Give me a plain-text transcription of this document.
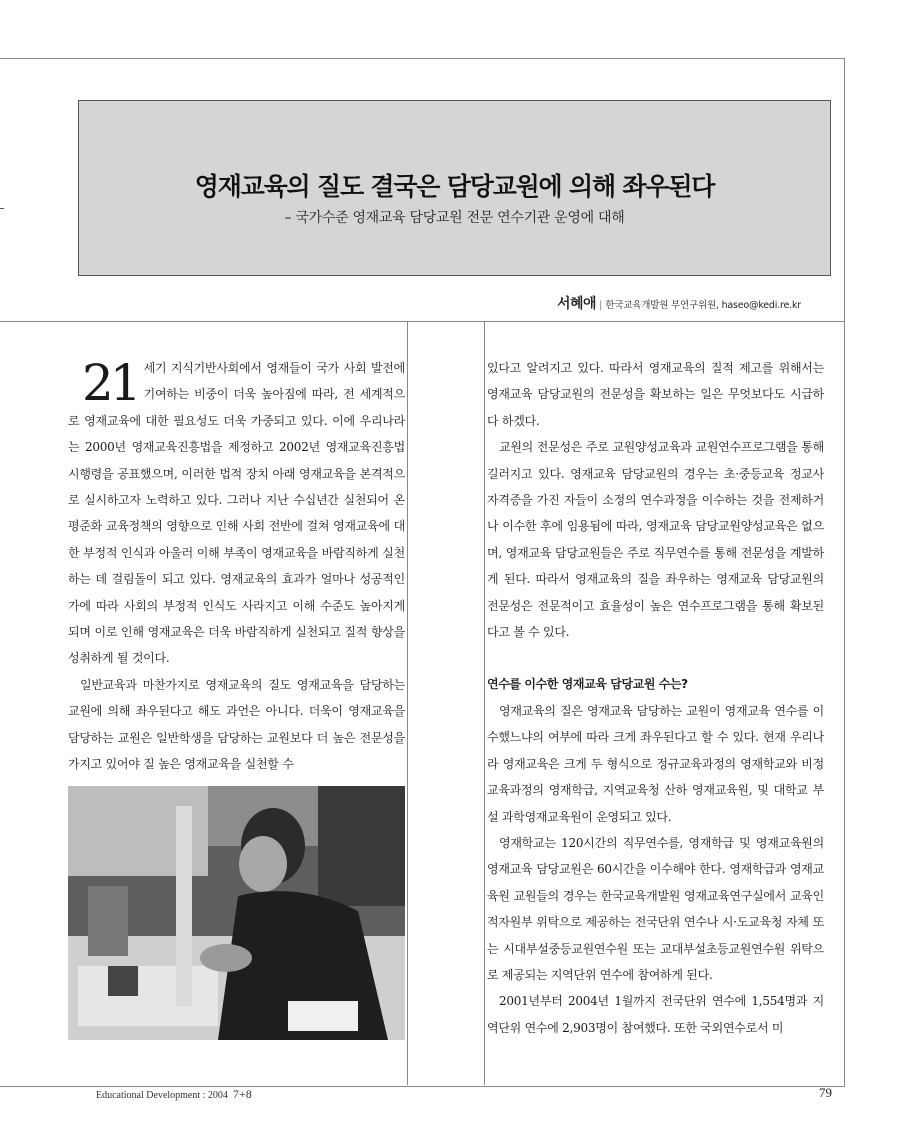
영재교육의 질도 결국은 담당교원에 의해 좌우된다
– 국가수준 영재교육 담당교원 전문 연수기관 운영에 대해
서혜애 | 한국교육개발원 부연구위원, haseo@kedi.re.kr

21 세기 지식기반사회에서 영재들이 국가 사회 발전에 기여하는 비중이 더욱 높아짐에 따라, 전 세계적으로 영재교육에 대한 필요성도 더욱 가중되고 있다. 이에 우리나라는 2000년 영재교육진흥법을 제정하고 2002년 영재교육진흥법시행령을 공표했으며, 이러한 법적 장치 아래 영재교육을 본격적으로 실시하고자 노력하고 있다. 그러나 지난 수십년간 실천되어 온 평준화 교육정책의 영향으로 인해 사회 전반에 걸쳐 영재교육에 대한 부정적 인식과 아울러 이해 부족이 영재교육을 바람직하게 실천하는 데 걸림돌이 되고 있다. 영재교육의 효과가 얼마나 성공적인가에 따라 사회의 부정적 인식도 사라지고 이해 수준도 높아지게 되며 이로 인해 영재교육은 더욱 바람직하게 실천되고 질적 향상을 성취하게 될 것이다.

일반교육과 마찬가지로 영재교육의 질도 영재교육을 담당하는 교원에 의해 좌우된다고 해도 과언은 아니다. 더욱이 영재교육을 담당하는 교원은 일반학생을 담당하는 교원보다 더 높은 전문성을 가지고 있어야 질 높은 영재교육을 실천할 수

있다고 알려지고 있다. 따라서 영재교육의 질적 제고를 위해서는 영재교육 담당교원의 전문성을 확보하는 일은 무엇보다도 시급하다 하겠다.

교원의 전문성은 주로 교원양성교육과 교원연수프로그램을 통해 길러지고 있다. 영재교육 담당교원의 경우는 초·중등교육 정교사 자격증을 가진 자들이 소정의 연수과정을 이수하는 것을 전제하거나 이수한 후에 임용됨에 따라, 영재교육 담당교원양성교육은 없으며, 영재교육 담당교원들은 주로 직무연수를 통해 전문성을 계발하게 된다. 따라서 영재교육의 질을 좌우하는 영재교육 담당교원의 전문성은 전문적이고 효율성이 높은 연수프로그램을 통해 확보된다고 볼 수 있다.

연수를 이수한 영재교육 담당교원 수는?

영재교육의 질은 영재교육 담당하는 교원이 영재교육 연수를 이수했느냐의 여부에 따라 크게 좌우된다고 할 수 있다. 현재 우리나라 영재교육은 크게 두 형식으로 정규교육과정의 영재학교와 비정교육과정의 영재학급, 지역교육청 산하 영재교육원, 및 대학교 부설 과학영재교육원이 운영되고 있다.

영재학교는 120시간의 직무연수를, 영재학급 및 영재교육원의 영재교육 담당교원은 60시간을 이수해야 한다. 영재학급과 영재교육원 교원들의 경우는 한국교육개발원 영재교육연구실에서 교육인적자원부 위탁으로 제공하는 전국단위 연수나 시·도교육청 자체 또는 시대부설중등교원연수원 또는 교대부설초등교원연수원 위탁으로 제공되는 지역단위 연수에 참여하게 된다.

2001년부터 2004년 1월까지 전국단위 연수에 1,554명과 지역단위 연수에 2,903명이 참여했다. 또한 국외연수로서 미

Educational Development : 2004 7+8	79
